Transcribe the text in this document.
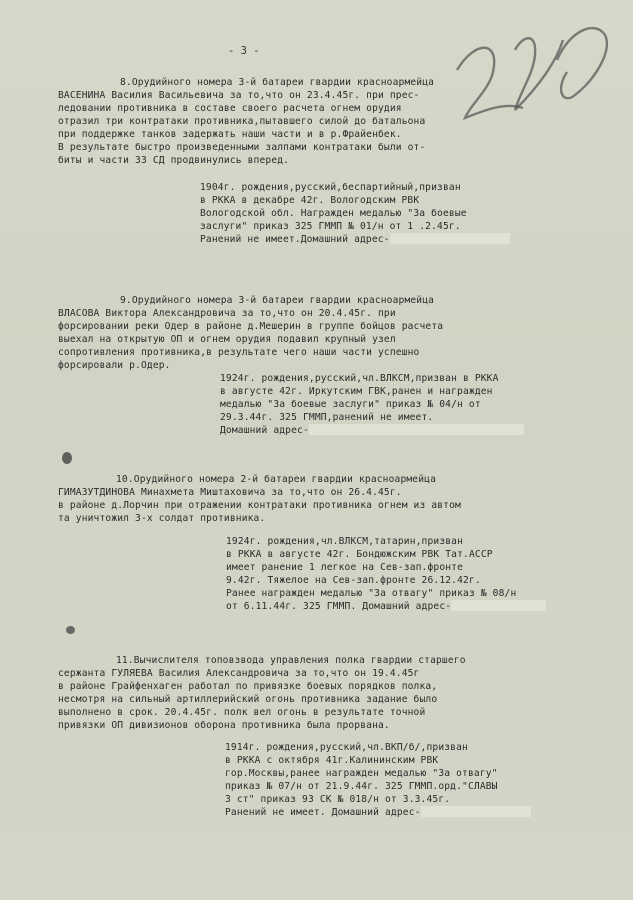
- 3 -
8.Орудийного номера 3-й батареи гвардии красноармейца
ВАСЕНИНА Василия Васильевича за то,что он 23.4.45г. при прес-
ледовании противника в составе своего расчета огнем орудия
отразил три контратаки противника,пытавшего силой до батальона
при поддержке танков задержать наши части и в р.Фрайенбек.
В результате быстро произведенными залпами контратаки были от-
биты и части 33 СД продвинулись вперед.
1904г. рождения,русский,беспартийный,призван
в РККА в декабре 42г. Вологодским РВК
Вологодской обл. Награжден медалью "За боевые
заслуги" приказ 325 ГММП № 01/н от 1 .2.45г.
Ранений не имеет.Домашний адрес-
9.Орудийного номера 3-й батареи гвардии красноармейца
ВЛАСОВА Виктора Александровича за то,что он 20.4.45г. при
форсировании реки Одер в районе д.Мешерин в группе бойцов расчета
выехал на открытую ОП и огнем орудия подавил крупный узел
сопротивления противника,в результате чего наши части успешно
форсировали р.Одер.
1924г. рождения,русский,чл.ВЛКСМ,призван в РККА
в августе 42г. Иркутским ГВК,ранен и награжден
медалью "За боевые заслуги" приказ № 04/н от
29.3.44г. 325 ГММП,ранений не имеет.
Домашний адрес-
10.Орудийного номера 2-й батареи гвардии красноармейца
ГИМАЗУТДИНОВА Минахмета Миштаховича за то,что он 26.4.45г.
в районе д.Лорчин при отражении контратаки противника огнем из автом
та уничтожил 3-х солдат противника.
1924г. рождения,чл.ВЛКСМ,татарин,призван
в РККА в августе 42г. Бондюжским РВК Тат.АССР
имеет ранение 1 легкое на Сев-зап.фронте
9.42г. Тяжелое на Сев-зап.фронте 26.12.42г.
Ранее награжден медалью "За отвагу" приказ № 08/н
от 6.11.44г. 325 ГММП. Домашний адрес-
11.Вычислителя топовзвода управления полка гвардии старшего
сержанта ГУЛЯЕВА Василия Александровича за то,что он 19.4.45г
в районе Грайфенхаген работал по привязке боевых порядков полка,
несмотря на сильный артиллерийский огонь противника задание было
выполнено в срок. 20.4.45г. полк вел огонь в результате точной
привязки ОП дивизионов оборона противника была прорвана.
1914г. рождения,русский,чл.ВКП/б/,призван
в РККА с октября 41г.Калининским РВК
гор.Москвы,ранее награжден медалью "За отвагу"
приказ № 07/н от 21.9.44г. 325 ГММП.орд."СЛАВЫ
3 ст" приказ 93 СК № 018/н от 3.3.45г.
Ранений не имеет. Домашний адрес-
